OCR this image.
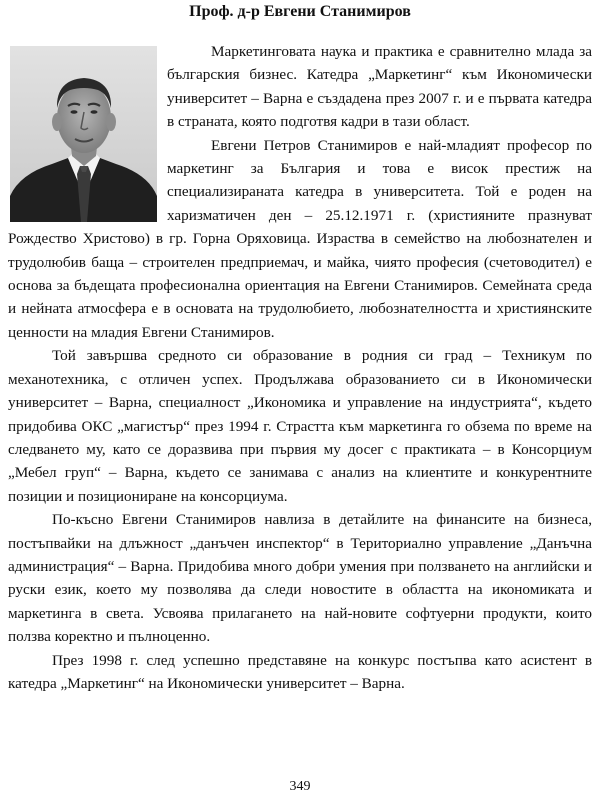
Проф. д-р Евгени Станимиров

Маркетинговата наука и практика е сравнително млада за българския бизнес. Катедра „Маркетинг“ към Икономически университет – Варна е създадена през 2007 г. и е първата катедра в страната, която подготвя кадри в тази област.

Евгени Петров Станимиров е най-младият професор по маркетинг за България и това е висок престиж на специализираната катедра в университета. Той е роден на харизматичен ден – 25.12.1971 г. (християните празнуват Рождество Христово) в гр. Горна Оряховица. Израства в семейство на любознателен и трудолюбив баща – строителен предприемач, и майка, чиято професия (счетоводител) е основа за бъдещата професионална ориентация на Евгени Станимиров. Семейната среда и нейната атмосфера е в основата на трудолюбието, любознателността и християнските ценности на младия Евгени Станимиров.

Той завършва средното си образование в родния си град – Техникум по механотехника, с отличен успех. Продължава образованието си в Икономически университет – Варна, специалност „Икономика и управление на индустрията“, където придобива ОКС „магистър“ през 1994 г. Страстта към маркетинга го обзема по време на следването му, като се доразвива при първия му досег с практиката – в Консорциум „Мебел груп“ – Варна, където се занимава с анализ на клиентите и конкурентните позиции и позициониране на консорциума.

По-късно Евгени Станимиров навлиза в детайлите на финансите на бизнеса, постъпвайки на длъжност „данъчен инспектор“ в Териториално управление „Данъчна администрация“ – Варна. Придобива много добри умения при ползването на английски и руски език, което му позволява да следи новостите в областта на икономиката и маркетинга в света. Усвоява прилагането на най-новите софтуерни продукти, които ползва коректно и пълноценно.

През 1998 г. след успешно представяне на конкурс постъпва като асистент в катедра „Маркетинг“ на Икономически университет – Варна.

349
